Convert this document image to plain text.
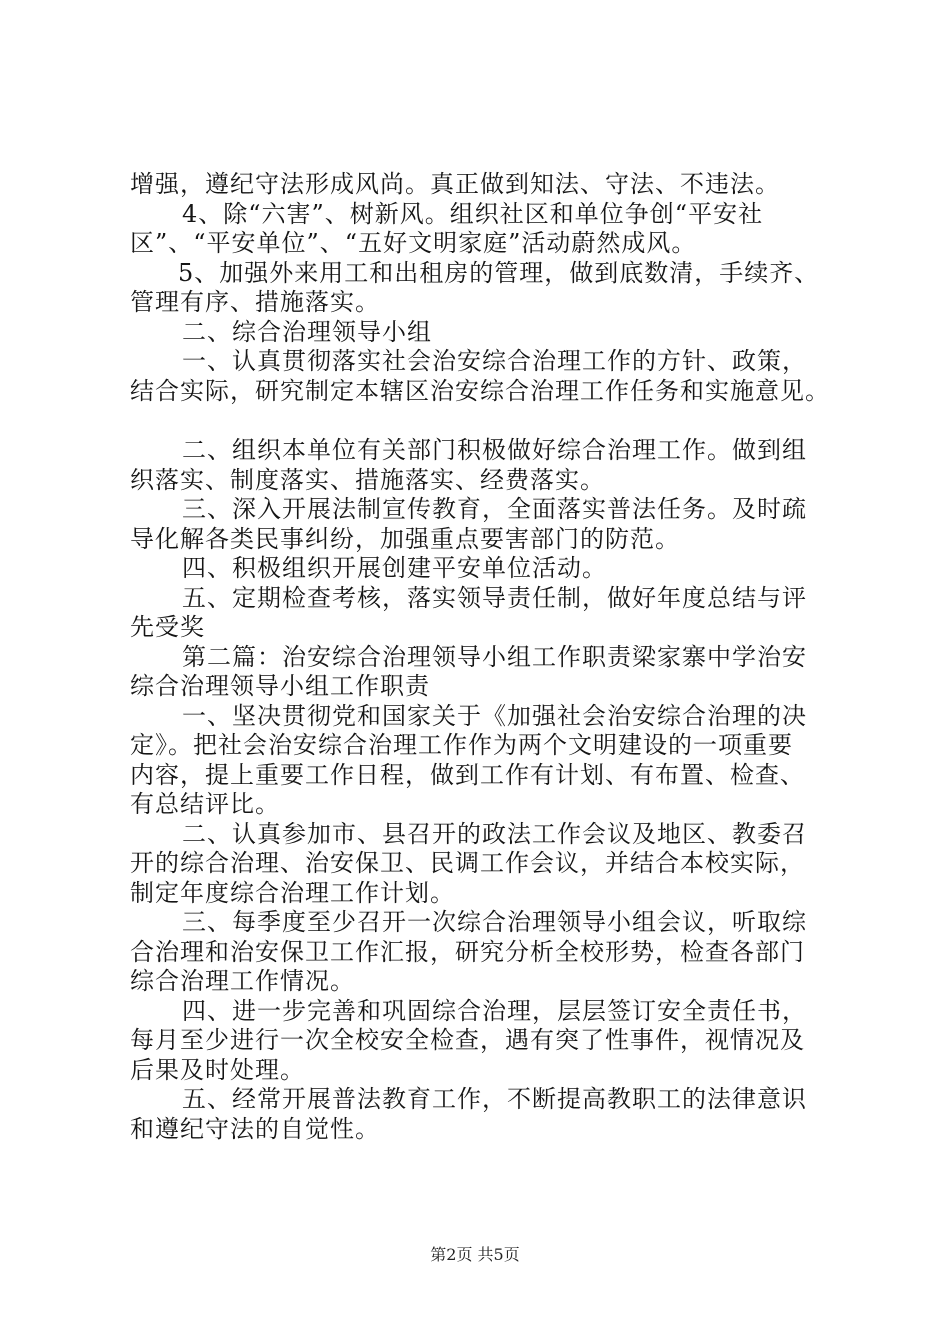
增强，遵纪守法形成风尚。真正做到知法、守法、不违法。
4、除“六害”、树新风。组织社区和单位争创“平安社
区”、“平安单位”、“五好文明家庭”活动蔚然成风。
5、加强外来用工和出租房的管理，做到底数清，手续齐、
管理有序、措施落实。
二、综合治理领导小组
一、认真贯彻落实社会治安综合治理工作的方针、政策，
结合实际，研究制定本辖区治安综合治理工作任务和实施意见。
二、组织本单位有关部门积极做好综合治理工作。做到组
织落实、制度落实、措施落实、经费落实。
三、深入开展法制宣传教育，全面落实普法任务。及时疏
导化解各类民事纠纷，加强重点要害部门的防范。
四、积极组织开展创建平安单位活动。
五、定期检查考核，落实领导责任制，做好年度总结与评
先受奖
第二篇：治安综合治理领导小组工作职责梁家寨中学治安
综合治理领导小组工作职责
一、坚决贯彻党和国家关于《加强社会治安综合治理的决
定》。把社会治安综合治理工作作为两个文明建设的一项重要
内容，提上重要工作日程，做到工作有计划、有布置、检查、
有总结评比。
二、认真参加市、县召开的政法工作会议及地区、教委召
开的综合治理、治安保卫、民调工作会议，并结合本校实际，
制定年度综合治理工作计划。
三、每季度至少召开一次综合治理领导小组会议，听取综
合治理和治安保卫工作汇报，研究分析全校形势，检查各部门
综合治理工作情况。
四、进一步完善和巩固综合治理，层层签订安全责任书，
每月至少进行一次全校安全检查，遇有突了性事件，视情况及
后果及时处理。
五、经常开展普法教育工作，不断提高教职工的法律意识
和遵纪守法的自觉性。
第2页 共5页
